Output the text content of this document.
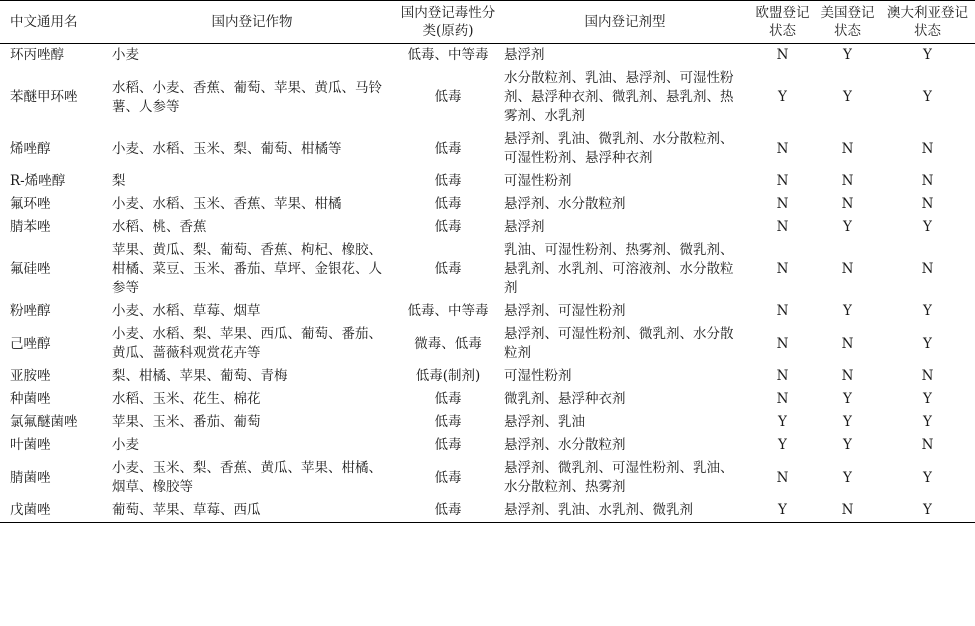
中文通用名	国内登记作物	国内登记毒性分类(原药)	国内登记剂型	欧盟登记状态	美国登记状态	澳大利亚登记状态
环丙唑醇	小麦	低毒、中等毒	悬浮剂	N	Y	Y
苯醚甲环唑	水稻、小麦、香蕉、葡萄、苹果、黄瓜、马铃薯、人参等	低毒	水分散粒剂、乳油、悬浮剂、可湿性粉剂、悬浮种衣剂、微乳剂、悬乳剂、热雾剂、水乳剂	Y	Y	Y
烯唑醇	小麦、水稻、玉米、梨、葡萄、柑橘等	低毒	悬浮剂、乳油、微乳剂、水分散粒剂、可湿性粉剂、悬浮种衣剂	N	N	N
R-烯唑醇	梨	低毒	可湿性粉剂	N	N	N
氟环唑	小麦、水稻、玉米、香蕉、苹果、柑橘	低毒	悬浮剂、水分散粒剂	N	N	N
腈苯唑	水稻、桃、香蕉	低毒	悬浮剂	N	Y	Y
氟硅唑	苹果、黄瓜、梨、葡萄、香蕉、枸杞、橡胶、柑橘、菜豆、玉米、番茄、草坪、金银花、人参等	低毒	乳油、可湿性粉剂、热雾剂、微乳剂、悬乳剂、水乳剂、可溶液剂、水分散粒剂	N	N	N
粉唑醇	小麦、水稻、草莓、烟草	低毒、中等毒	悬浮剂、可湿性粉剂	N	Y	Y
己唑醇	小麦、水稻、梨、苹果、西瓜、葡萄、番茄、黄瓜、蔷薇科观赏花卉等	微毒、低毒	悬浮剂、可湿性粉剂、微乳剂、水分散粒剂	N	N	Y
亚胺唑	梨、柑橘、苹果、葡萄、青梅	低毒(制剂)	可湿性粉剂	N	N	N
种菌唑	水稻、玉米、花生、棉花	低毒	微乳剂、悬浮种衣剂	N	Y	Y
氯氟醚菌唑	苹果、玉米、番茄、葡萄	低毒	悬浮剂、乳油	Y	Y	Y
叶菌唑	小麦	低毒	悬浮剂、水分散粒剂	Y	Y	N
腈菌唑	小麦、玉米、梨、香蕉、黄瓜、苹果、柑橘、烟草、橡胶等	低毒	悬浮剂、微乳剂、可湿性粉剂、乳油、水分散粒剂、热雾剂	N	Y	Y
戊菌唑	葡萄、苹果、草莓、西瓜	低毒	悬浮剂、乳油、水乳剂、微乳剂	Y	N	Y
